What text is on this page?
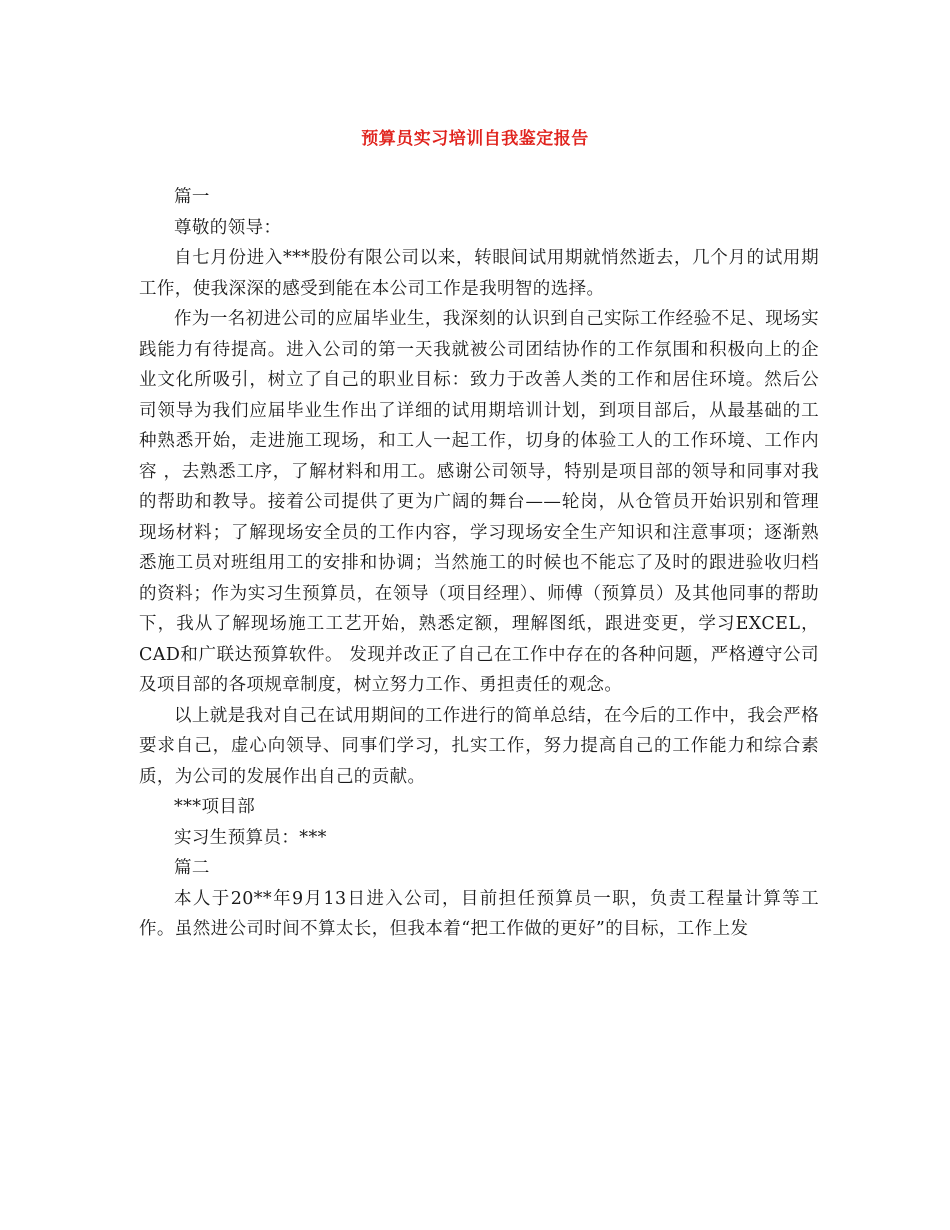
预算员实习培训自我鉴定报告

篇一

尊敬的领导：

自七月份进入***股份有限公司以来，转眼间试用期就悄然逝去，几个月的试用期工作，使我深深的感受到能在本公司工作是我明智的选择。

作为一名初进公司的应届毕业生，我深刻的认识到自己实际工作经验不足、现场实践能力有待提高。进入公司的第一天我就被公司团结协作的工作氛围和积极向上的企业文化所吸引，树立了自己的职业目标：致力于改善人类的工作和居住环境。然后公司领导为我们应届毕业生作出了详细的试用期培训计划，到项目部后，从最基础的工种熟悉开始，走进施工现场，和工人一起工作，切身的体验工人的工作环境、工作内容 ，去熟悉工序，了解材料和用工。感谢公司领导，特别是项目部的领导和同事对我的帮助和教导。接着公司提供了更为广阔的舞台——轮岗，从仓管员开始识别和管理现场材料；了解现场安全员的工作内容，学习现场安全生产知识和注意事项；逐渐熟悉施工员对班组用工的安排和协调；当然施工的时候也不能忘了及时的跟进验收归档的资料；作为实习生预算员，在领导（项目经理）、师傅（预算员）及其他同事的帮助下，我从了解现场施工工艺开始，熟悉定额，理解图纸，跟进变更，学习EXCEL，CAD和广联达预算软件。 发现并改正了自己在工作中存在的各种问题，严格遵守公司及项目部的各项规章制度，树立努力工作、勇担责任的观念。

以上就是我对自己在试用期间的工作进行的简单总结，在今后的工作中，我会严格要求自己，虚心向领导、同事们学习，扎实工作，努力提高自己的工作能力和综合素质，为公司的发展作出自己的贡献。

***项目部

实习生预算员：***

篇二

本人于20**年9月13日进入公司，目前担任预算员一职，负责工程量计算等工作。虽然进公司时间不算太长，但我本着“把工作做的更好”的目标，工作上发
